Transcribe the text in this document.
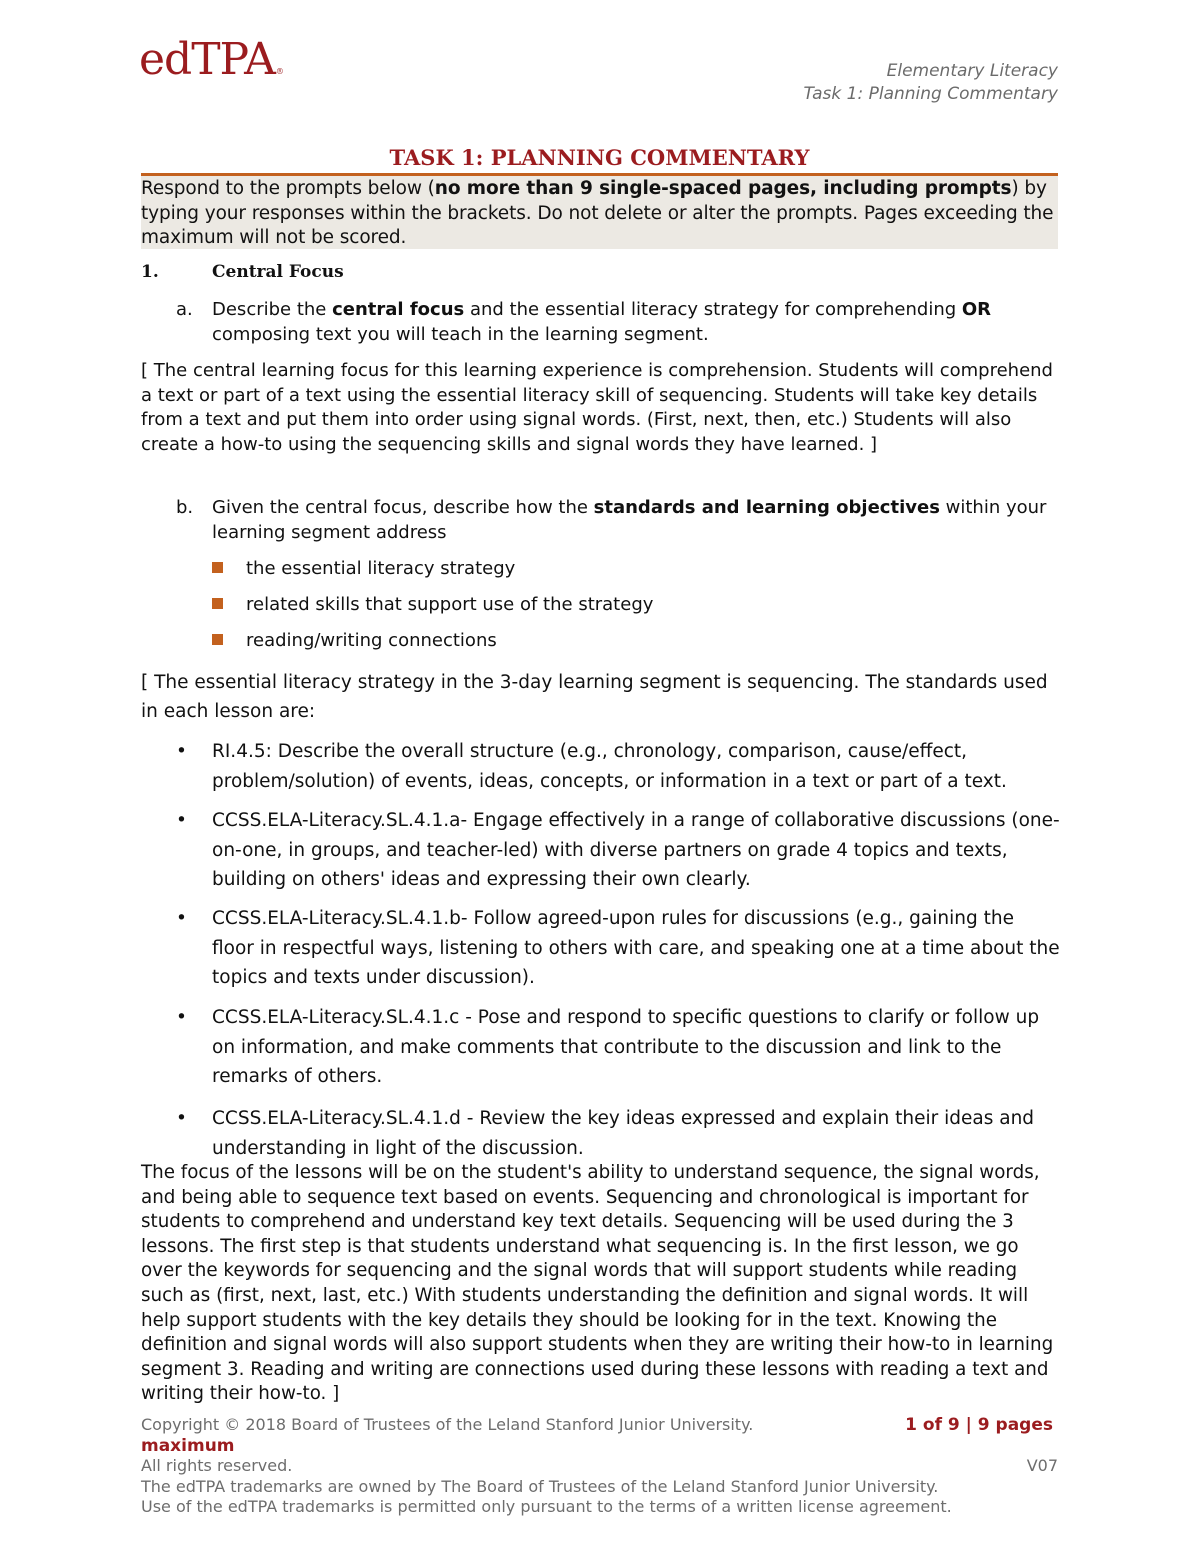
edTPA®	Elementary Literacy
Task 1: Planning Commentary
TASK 1: PLANNING COMMENTARY
Respond to the prompts below (no more than 9 single-spaced pages, including prompts) by typing your responses within the brackets. Do not delete or alter the prompts. Pages exceeding the maximum will not be scored.
1.	Central Focus
a. Describe the central focus and the essential literacy strategy for comprehending OR composing text you will teach in the learning segment.
[ The central learning focus for this learning experience is comprehension. Students will comprehend a text or part of a text using the essential literacy skill of sequencing. Students will take key details from a text and put them into order using signal words. (First, next, then, etc.) Students will also create a how-to using the sequencing skills and signal words they have learned. ]
b. Given the central focus, describe how the standards and learning objectives within your learning segment address
the essential literacy strategy
related skills that support use of the strategy
reading/writing connections
[ The essential literacy strategy in the 3-day learning segment is sequencing. The standards used in each lesson are:
• RI.4.5: Describe the overall structure (e.g., chronology, comparison, cause/effect, problem/solution) of events, ideas, concepts, or information in a text or part of a text.
• CCSS.ELA-Literacy.SL.4.1.a- Engage effectively in a range of collaborative discussions (one-on-one, in groups, and teacher-led) with diverse partners on grade 4 topics and texts, building on others' ideas and expressing their own clearly.
• CCSS.ELA-Literacy.SL.4.1.b- Follow agreed-upon rules for discussions (e.g., gaining the floor in respectful ways, listening to others with care, and speaking one at a time about the topics and texts under discussion).
• CCSS.ELA-Literacy.SL.4.1.c - Pose and respond to specific questions to clarify or follow up on information, and make comments that contribute to the discussion and link to the remarks of others.
• CCSS.ELA-Literacy.SL.4.1.d - Review the key ideas expressed and explain their ideas and understanding in light of the discussion.
The focus of the lessons will be on the student's ability to understand sequence, the signal words, and being able to sequence text based on events. Sequencing and chronological is important for students to comprehend and understand key text details. Sequencing will be used during the 3 lessons. The first step is that students understand what sequencing is. In the first lesson, we go over the keywords for sequencing and the signal words that will support students while reading such as (first, next, last, etc.) With students understanding the definition and signal words. It will help support students with the key details they should be looking for in the text. Knowing the definition and signal words will also support students when they are writing their how-to in learning segment 3. Reading and writing are connections used during these lessons with reading a text and writing their how-to. ]
Copyright © 2018 Board of Trustees of the Leland Stanford Junior University.	1 of 9 | 9 pages
maximum
All rights reserved.	V07
The edTPA trademarks are owned by The Board of Trustees of the Leland Stanford Junior University.
Use of the edTPA trademarks is permitted only pursuant to the terms of a written license agreement.
